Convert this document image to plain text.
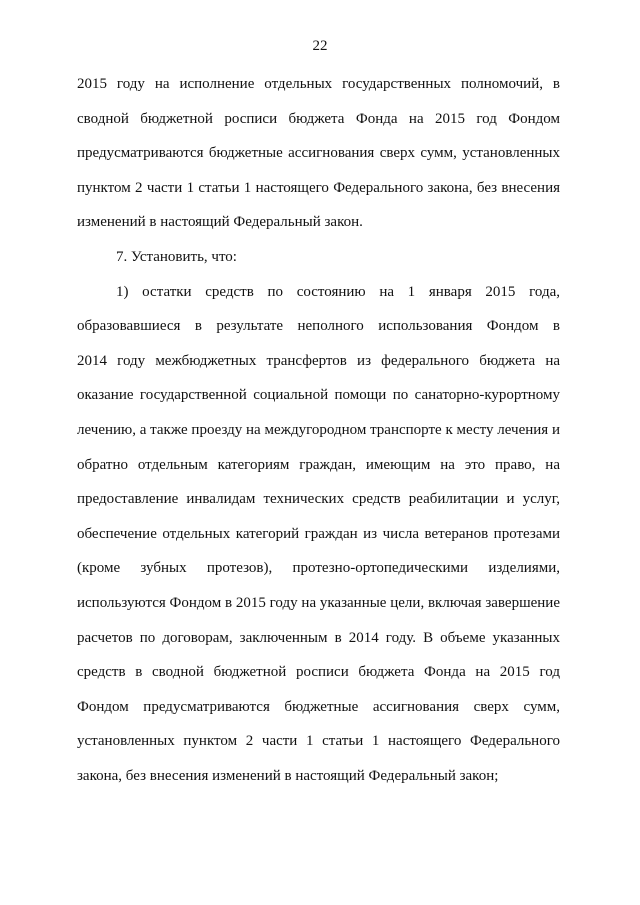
22
2015 году на исполнение отдельных государственных полномочий, в
сводной бюджетной росписи бюджета Фонда на 2015 год Фондом
предусматриваются бюджетные ассигнования сверх сумм, установленных
пунктом 2 части 1 статьи 1 настоящего Федерального закона, без внесения
изменений в настоящий Федеральный закон.
7. Установить, что:
1) остатки средств по состоянию на 1 января 2015 года,
образовавшиеся в результате неполного использования Фондом в
2014 году межбюджетных трансфертов из федерального бюджета на
оказание государственной социальной помощи по санаторно-курортному
лечению, а также проезду на междугородном транспорте к месту лечения и
обратно отдельным категориям граждан, имеющим на это право, на
предоставление инвалидам технических средств реабилитации и услуг,
обеспечение отдельных категорий граждан из числа ветеранов протезами
(кроме зубных протезов), протезно-ортопедическими изделиями,
используются Фондом в 2015 году на указанные цели, включая завершение
расчетов по договорам, заключенным в 2014 году. В объеме указанных
средств в сводной бюджетной росписи бюджета Фонда на 2015 год
Фондом предусматриваются бюджетные ассигнования сверх сумм,
установленных пунктом 2 части 1 статьи 1 настоящего Федерального
закона, без внесения изменений в настоящий Федеральный закон;
